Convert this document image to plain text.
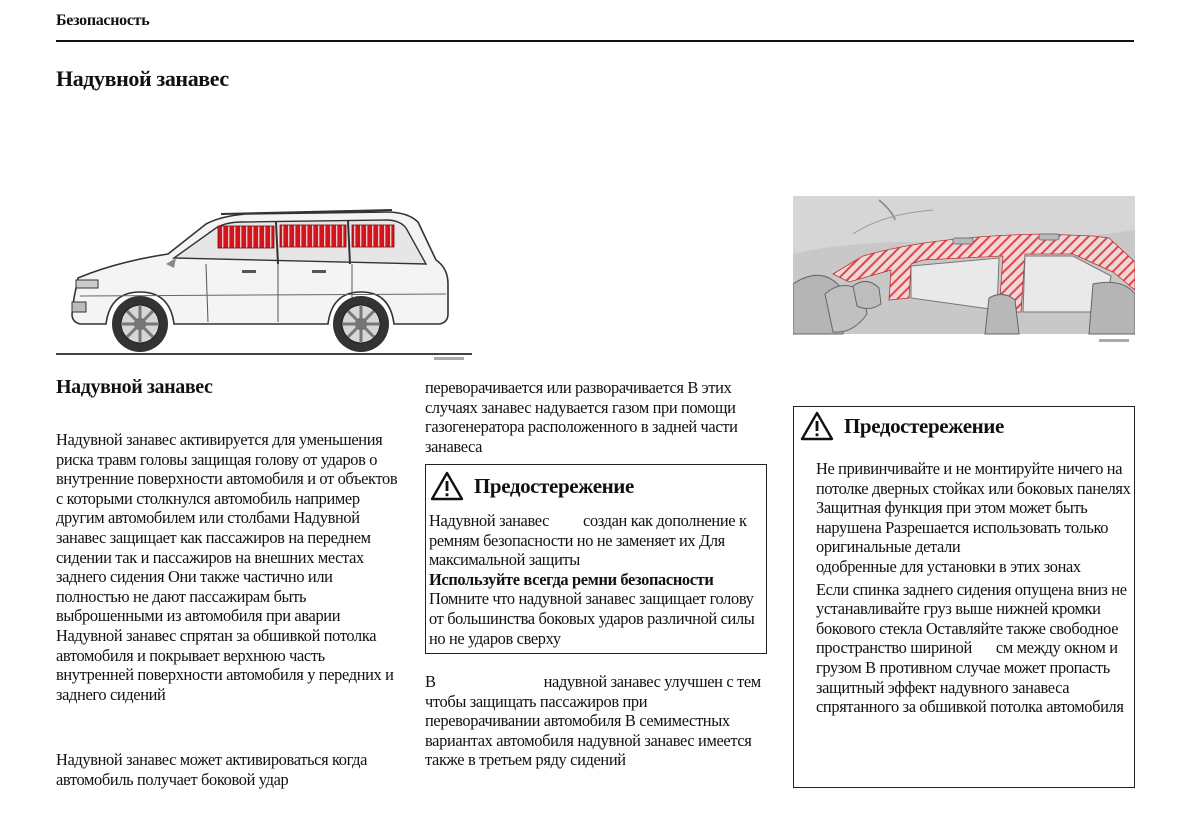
Безопасность
Надувной занавес
Надувной занавес
Надувной занавес активируется для уменьшения риска травм головы защищая голову от ударов о внутренние поверхности автомобиля и от объектов с которыми столкнулся автомобиль например другим автомобилем или столбами Надувной занавес защищает как пассажиров на переднем сидении так и пассажиров на внешних местах заднего сидения Они также частично или полностью не дают пассажирам быть выброшенными из автомобиля при аварии Надувной занавес спрятан за обшивкой потолка автомобиля и покрывает верхнюю часть внутренней поверхности автомобиля у передних и заднего сидений
Надувной занавес может активироваться когда автомобиль получает боковой удар
переворачивается или разворачивается В этих случаях занавес надувается газом при помощи газогенератора расположенного в задней части занавеса
Предостережение
Надувной занавес создан как дополнение к ремням безопасности но не заменяет их Для максимальной защиты
Используйте всегда ремни безопасности
Помните что надувной занавес защищает голову от большинства боковых ударов различной силы но не ударов сверху
В	надувной занавес улучшен с тем чтобы защищать пассажиров при переворачивании автомобиля В семиместных вариантах автомобиля надувной занавес имеется также в третьем ряду сидений
Предостережение
Не привинчивайте и не монтируйте ничего на потолке дверных стойках или боковых панелях Защитная функция при этом может быть нарушена Разрешается использовать только оригинальные детали
одобренные для установки в этих зонах
Если спинка заднего сидения опущена вниз не устанавливайте груз выше нижней кромки бокового стекла Оставляйте также свободное пространство шириной см между окном и грузом В противном случае может пропасть защитный эффект надувного занавеса спрятанного за обшивкой потолка автомобиля
